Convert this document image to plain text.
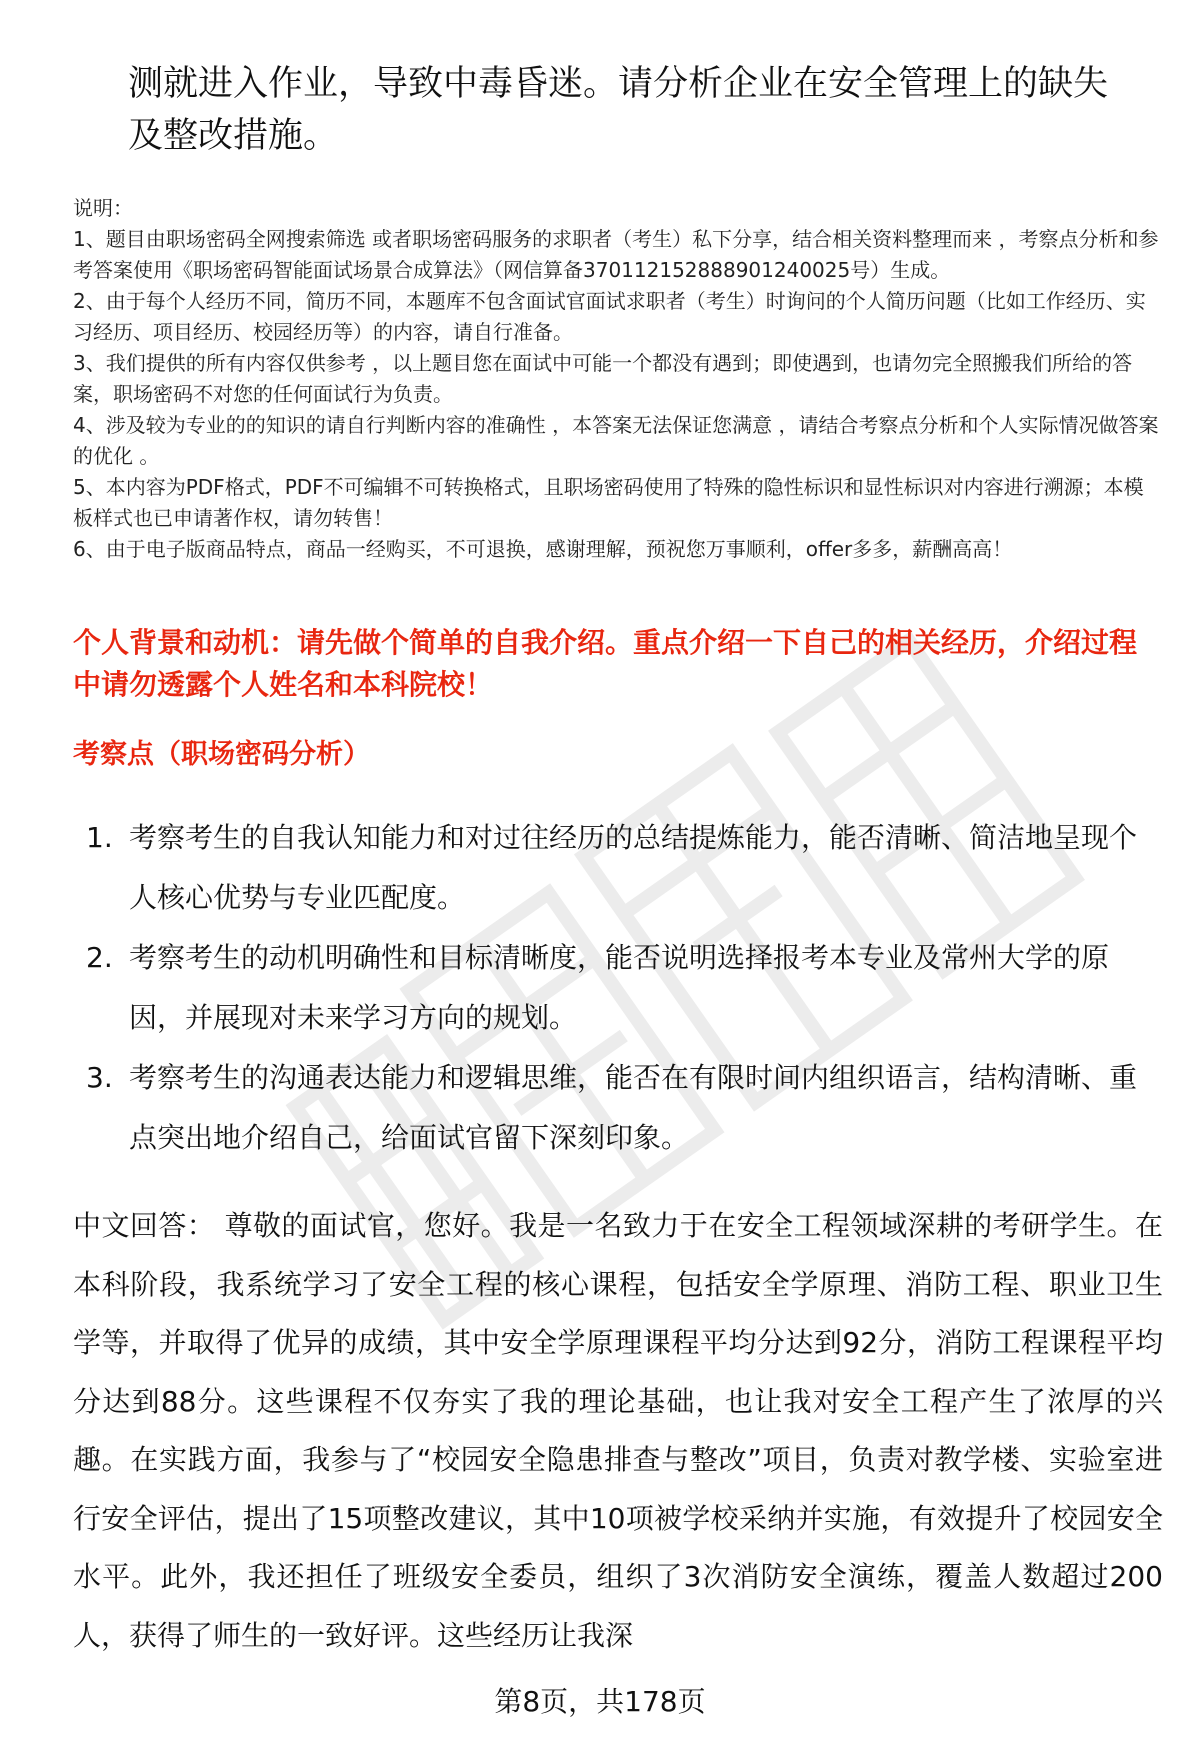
测就进入作业，导致中毒昏迷。请分析企业在安全管理上的缺失及整改措施。

说明：

1、题目由职场密码全网搜索筛选 或者职场密码服务的求职者（考生）私下分享，结合相关资料整理而来 ，考察点分析和参考答案使用《职场密码智能面试场景合成算法》（网信算备370112152888901240025号）生成。

2、由于每个人经历不同，简历不同，本题库不包含面试官面试求职者（考生）时询问的个人简历问题（比如工作经历、实习经历、项目经历、校园经历等）的内容，请自行准备。

3、我们提供的所有内容仅供参考 ，以上题目您在面试中可能一个都没有遇到；即使遇到，也请勿完全照搬我们所给的答案，职场密码不对您的任何面试行为负责。

4、涉及较为专业的的知识的请自行判断内容的准确性 ，本答案无法保证您满意 ，请结合考察点分析和个人实际情况做答案的优化 。

5、本内容为PDF格式，PDF不可编辑不可转换格式，且职场密码使用了特殊的隐性标识和显性标识对内容进行溯源；本模板样式也已申请著作权，请勿转售！

6、由于电子版商品特点，商品一经购买，不可退换，感谢理解，预祝您万事顺利，offer多多，薪酬高高！

个人背景和动机：请先做个简单的自我介绍。重点介绍一下自己的相关经历，介绍过程中请勿透露个人姓名和本科院校！

考察点（职场密码分析）

1. 考察考生的自我认知能力和对过往经历的总结提炼能力，能否清晰、简洁地呈现个人核心优势与专业匹配度。
2. 考察考生的动机明确性和目标清晰度，能否说明选择报考本专业及常州大学的原因，并展现对未来学习方向的规划。
3. 考察考生的沟通表达能力和逻辑思维，能否在有限时间内组织语言，结构清晰、重点突出地介绍自己，给面试官留下深刻印象。

中文回答： 尊敬的面试官，您好。我是一名致力于在安全工程领域深耕的考研学生。在本科阶段，我系统学习了安全工程的核心课程，包括安全学原理、消防工程、职业卫生学等，并取得了优异的成绩，其中安全学原理课程平均分达到92分，消防工程课程平均分达到88分。这些课程不仅夯实了我的理论基础，也让我对安全工程产生了浓厚的兴趣。在实践方面，我参与了“校园安全隐患排查与整改”项目，负责对教学楼、实验室进行安全评估，提出了15项整改建议，其中10项被学校采纳并实施，有效提升了校园安全水平。此外，我还担任了班级安全委员，组织了3次消防安全演练，覆盖人数超过200人，获得了师生的一致好评。这些经历让我深

第8页，共178页
